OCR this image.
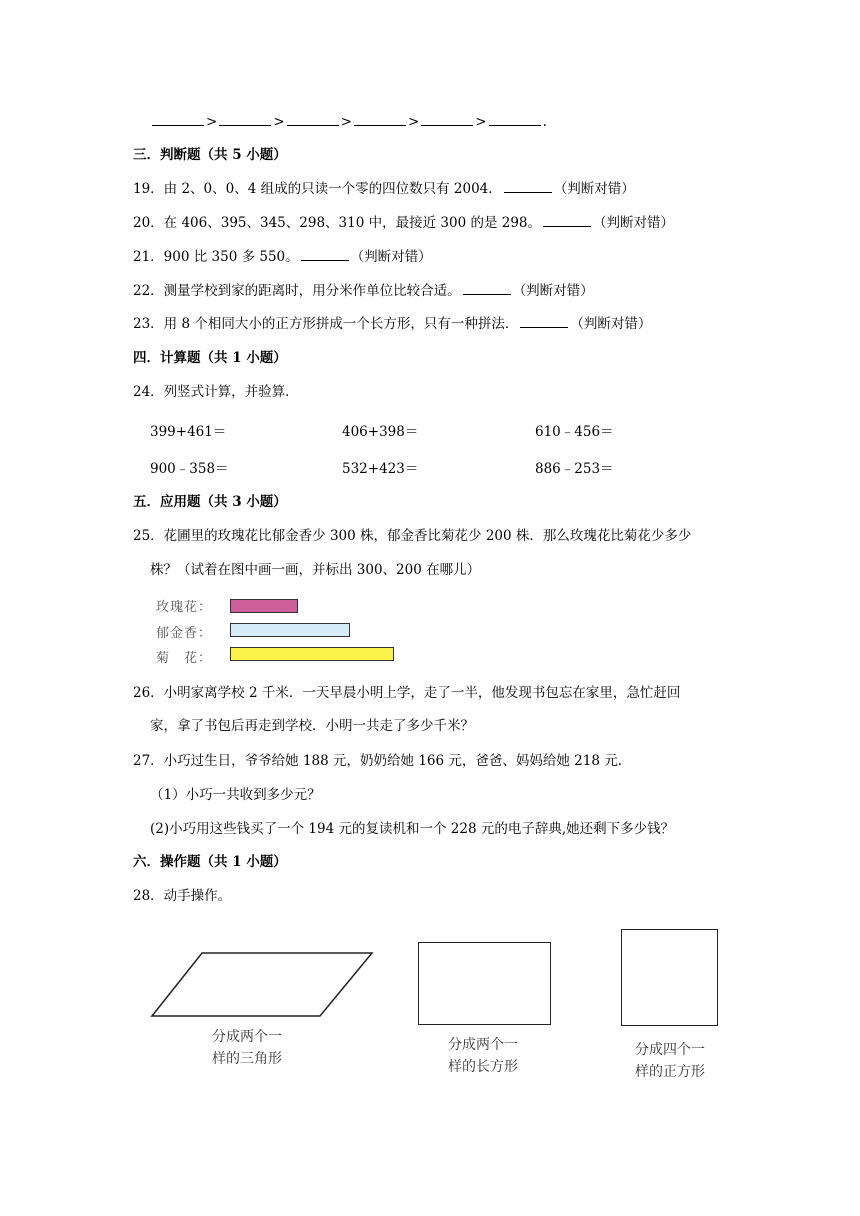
>	>	>	>	>	.
三．判断题（共 5 小题）
19．由 2、0、0、4 组成的只读一个零的四位数只有 2004．	（判断对错）
20．在 406、395、345、298、310 中，最接近 300 的是 298。	（判断对错）
21．900 比 350 多 550。	（判断对错）
22．测量学校到家的距离时，用分米作单位比较合适。	（判断对错）
23．用 8 个相同大小的正方形拼成一个长方形，只有一种拼法．	（判断对错）
四．计算题（共 1 小题）
24．列竖式计算，并验算．
399+461＝	406+398＝	610﹣456＝
900﹣358＝	532+423＝	886﹣253＝
五．应用题（共 3 小题）
25．花圃里的玫瑰花比郁金香少 300 株，郁金香比菊花少 200 株．那么玫瑰花比菊花少多少
株？（试着在图中画一画，并标出 300、200 在哪儿）
玫瑰花：
郁金香：
菊　花：
26．小明家离学校 2 千米．一天早晨小明上学，走了一半，他发现书包忘在家里，急忙赶回
家，拿了书包后再走到学校．小明一共走了多少千米？
27．小巧过生日，爷爷给她 188 元，奶奶给她 166 元，爸爸、妈妈给她 218 元．
（1）小巧一共收到多少元？
(2)小巧用这些钱买了一个 194 元的复读机和一个 228 元的电子辞典,她还剩下多少钱？
六．操作题（共 1 小题）
28．动手操作。
分成两个一
样的三角形
分成两个一
样的长方形
分成四个一
样的正方形
